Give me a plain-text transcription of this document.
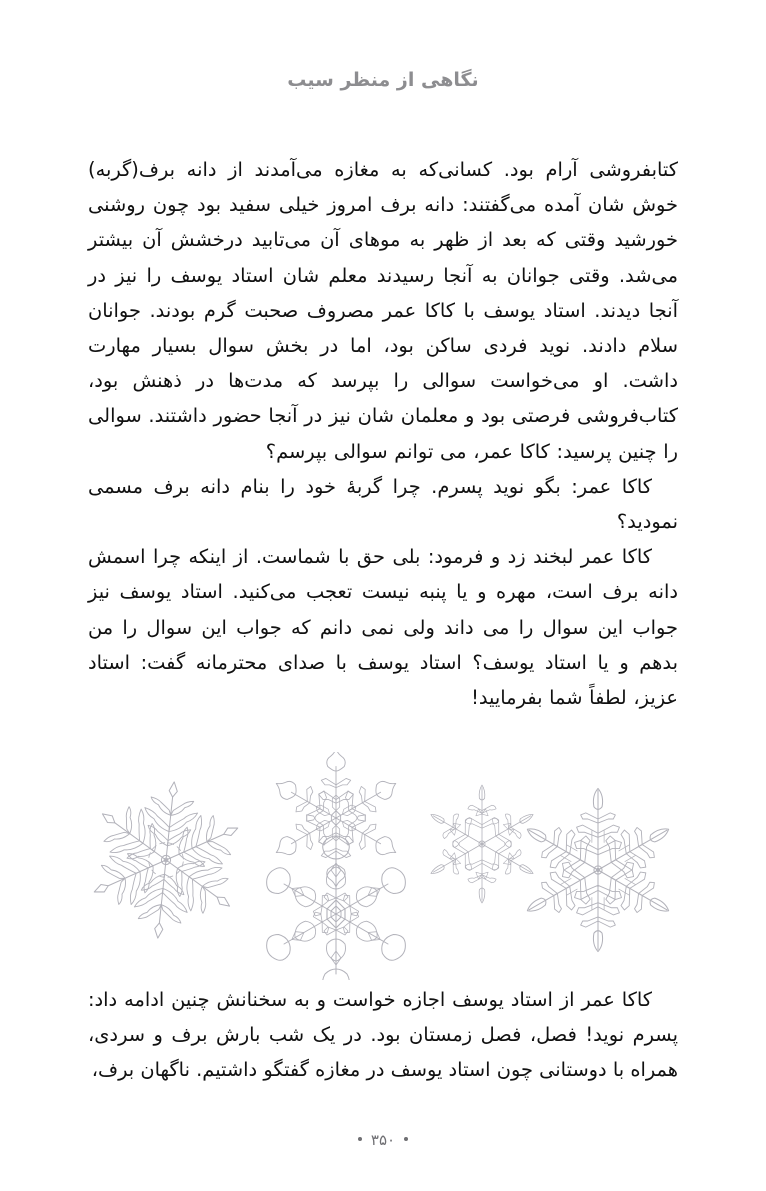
نگاهی از منظر سیب

کتابفروشی آرام بود. کسانی‌که به مغازه می‌آمدند از دانه برف(گربه) خوش شان آمده می‌گفتند: دانه برف امروز خیلی سفید بود چون روشنی خورشید وقتی که بعد از ظهر به موهای آن می‌تابید درخشش آن بیشتر می‌شد. وقتی جوانان به آنجا رسیدند معلم شان استاد یوسف را نیز در آنجا دیدند. استاد یوسف با کاکا عمر مصروف صحبت گرم بودند. جوانان سلام دادند. نوید فردی ساکن بود، اما در بخش سوال بسیار مهارت داشت. او می‌خواست سوالی را بپرسد که مدت‌ها در ذهنش بود، کتاب‌فروشی فرصتی بود و معلمان شان نیز در آنجا حضور داشتند. سوالی را چنین پرسید: کاکا عمر، می توانم سوالی بپرسم؟

کاکا عمر: بگو نوید پسرم. چرا گربهٔ خود را بنام دانه برف مسمی نمودید؟

کاکا عمر لبخند زد و فرمود: بلی حق با شماست. از اینکه چرا اسمش دانه برف است، مهره و یا پنبه نیست تعجب می‌کنید. استاد یوسف نیز جواب این سوال را می داند ولی نمی دانم که جواب این سوال را من بدهم و یا استاد یوسف؟ استاد یوسف با صدای محترمانه گفت: استاد عزیز، لطفاً شما بفرمایید!

کاکا عمر از استاد یوسف اجازه خواست و به سخنانش چنین ادامه داد: پسرم نوید! فصل، فصل زمستان بود. در یک شب بارش برف و سردی، همراه با دوستانی چون استاد یوسف در مغازه گفتگو داشتیم. ناگهان برف،

۳۵۰
